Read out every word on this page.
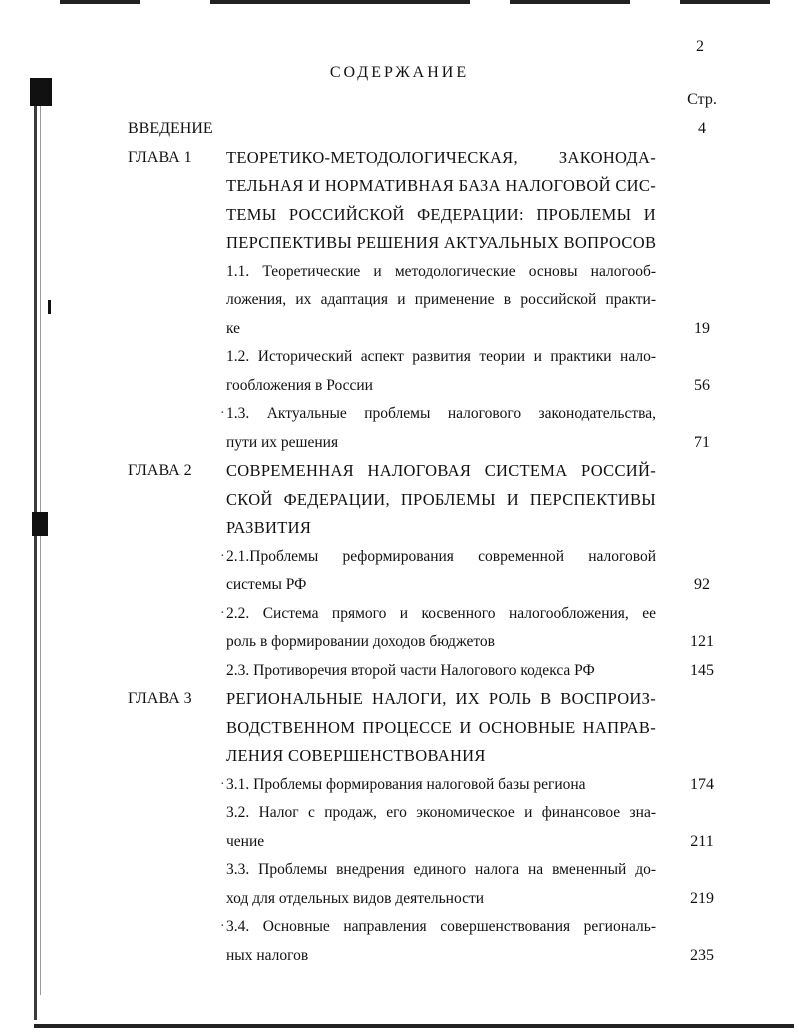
2
СОДЕРЖАНИЕ
Стр.
ВВЕДЕНИЕ	4
ГЛАВА 1 ТЕОРЕТИКО-МЕТОДОЛОГИЧЕСКАЯ, ЗАКОНОДА-
ТЕЛЬНАЯ И НОРМАТИВНАЯ БАЗА НАЛОГОВОЙ СИС-
ТЕМЫ РОССИЙСКОЙ ФЕДЕРАЦИИ: ПРОБЛЕМЫ И
ПЕРСПЕКТИВЫ РЕШЕНИЯ АКТУАЛЬНЫХ ВОПРОСОВ
1.1. Теоретические и методологические основы налогооб-
ложения, их адаптация и применение в российской практи-
ке	19
1.2. Исторический аспект развития теории и практики нало-
гообложения в России	56
· 1.3. Актуальные проблемы налогового законодательства,
пути их решения	71
ГЛАВА 2 СОВРЕМЕННАЯ НАЛОГОВАЯ СИСТЕМА РОССИЙ-
СКОЙ ФЕДЕРАЦИИ, ПРОБЛЕМЫ И ПЕРСПЕКТИВЫ
РАЗВИТИЯ
· 2.1.Проблемы реформирования современной налоговой
системы РФ	92
· 2.2. Система прямого и косвенного налогообложения, ее
роль в формировании доходов бюджетов	121
2.3. Противоречия второй части Налогового кодекса РФ	145
ГЛАВА 3 РЕГИОНАЛЬНЫЕ НАЛОГИ, ИХ РОЛЬ В ВОСПРОИЗ-
ВОДСТВЕННОМ ПРОЦЕССЕ И ОСНОВНЫЕ НАПРАВ-
ЛЕНИЯ СОВЕРШЕНСТВОВАНИЯ
· 3.1. Проблемы формирования налоговой базы региона	174
3.2. Налог с продаж, его экономическое и финансовое зна-
чение	211
3.3. Проблемы внедрения единого налога на вмененный до-
ход для отдельных видов деятельности	219
· 3.4. Основные направления совершенствования региональ-
ных налогов	235
